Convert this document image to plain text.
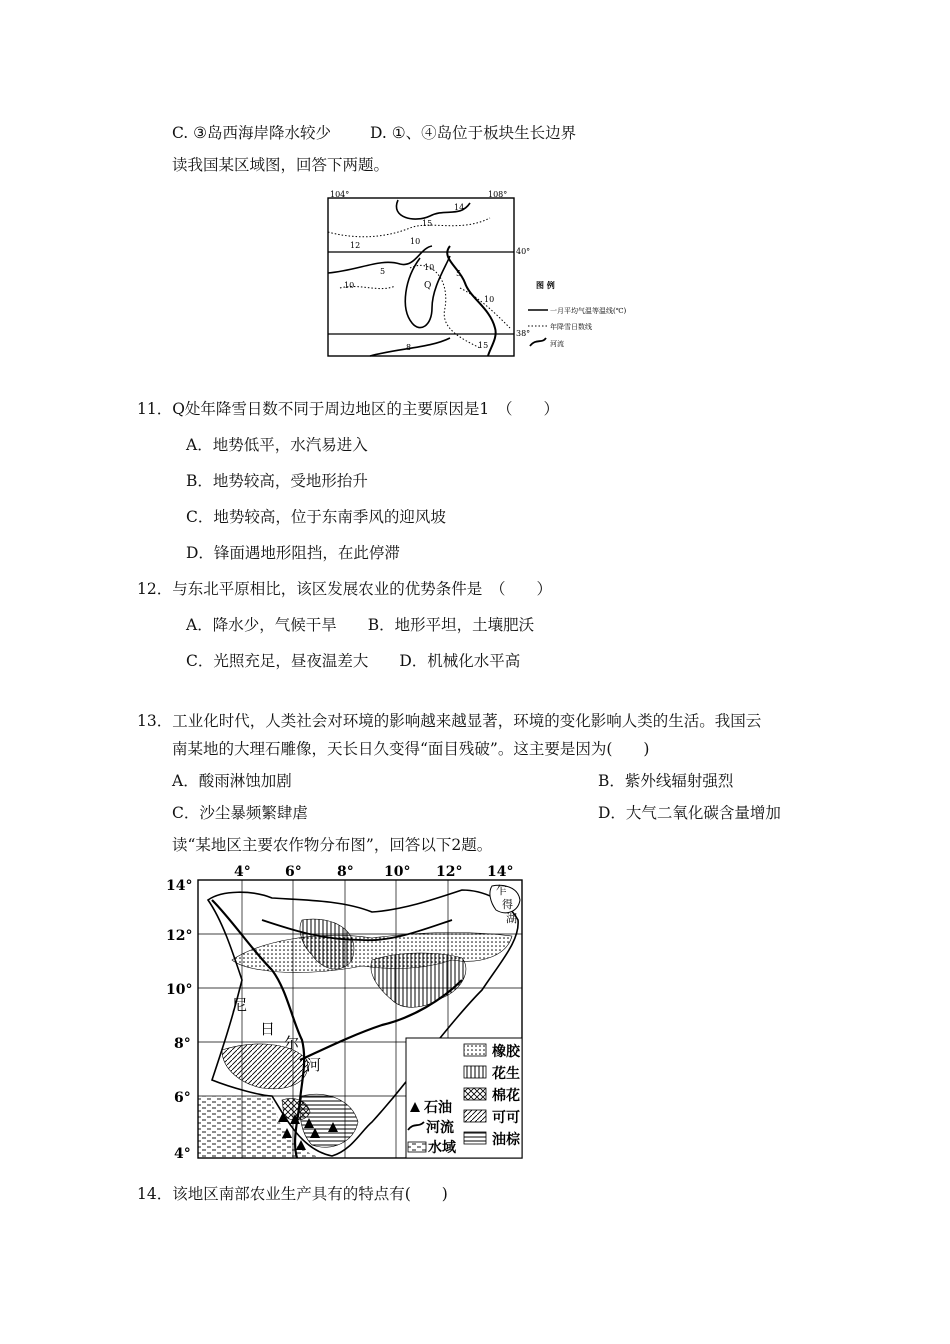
C. ③岛西海岸降水较少	D. ①、④岛位于板块生长边界
读我国某区域图，回答下两题。
104°	108°
40°
38°
14
15
12	10
10
5
10	Q
5
10
8	15
图 例
一月平均气温等温线(℃)
年降雪日数线
河流
11．Q处年降雪日数不同于周边地区的主要原因是1　（　　）
A．地势低平，水汽易进入
B．地势较高，受地形抬升
C．地势较高，位于东南季风的迎风坡
D．锋面遇地形阻挡，在此停滞
12．与东北平原相比，该区发展农业的优势条件是　（　　）
A．降水少，气候干旱　　B．地形平坦，土壤肥沃
C．光照充足，昼夜温差大　　D．机械化水平高
13．工业化时代，人类社会对环境的影响越来越显著，环境的变化影响人类的生活。我国云
南某地的大理石雕像，天长日久变得“面目残破”。这主要是因为(　　)
A．酸雨淋蚀加剧	B．紫外线辐射强烈
C．沙尘暴频繁肆虐	D．大气二氧化碳含量增加
读“某地区主要农作物分布图”，回答以下2题。
4° 6°	8° 10° 12° 14°
14°
12°
10°
8°
6°
4°
乍
得
湖
尼
日
尔
河
橡胶
花生
棉花
可可
油棕
石油
河流
水域
14．该地区南部农业生产具有的特点有(　　)
